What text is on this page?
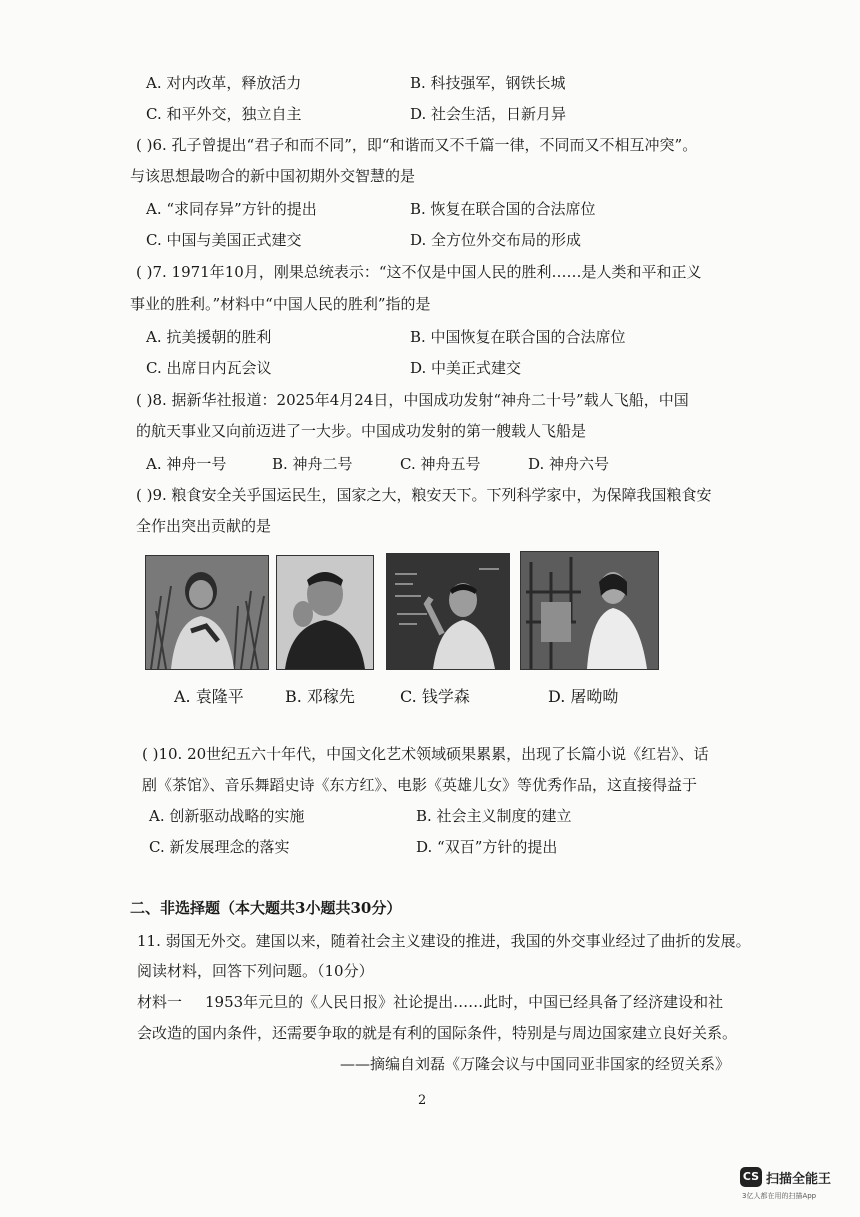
A. 对内改革，释放活力	B. 科技强军，钢铁长城
C. 和平外交，独立自主	D. 社会生活，日新月异
( )6. 孔子曾提出“君子和而不同”，即“和谐而又不千篇一律，不同而又不相互冲突”。
与该思想最吻合的新中国初期外交智慧的是
A. “求同存异”方针的提出	B. 恢复在联合国的合法席位
C. 中国与美国正式建交	D. 全方位外交布局的形成
( )7. 1971年10月，刚果总统表示：“这不仅是中国人民的胜利……是人类和平和正义
事业的胜利。”材料中“中国人民的胜利”指的是
A. 抗美援朝的胜利	B. 中国恢复在联合国的合法席位
C. 出席日内瓦会议	D. 中美正式建交
( )8. 据新华社报道：2025年4月24日，中国成功发射“神舟二十号”载人飞船，中国
的航天事业又向前迈进了一大步。中国成功发射的第一艘载人飞船是
A. 神舟一号	B. 神舟二号	C. 神舟五号	D. 神舟六号
( )9. 粮食安全关乎国运民生，国家之大，粮安天下。下列科学家中，为保障我国粮食安
全作出突出贡献的是
A. 袁隆平	B. 邓稼先	C. 钱学森	D. 屠呦呦
( )10. 20世纪五六十年代，中国文化艺术领域硕果累累，出现了长篇小说《红岩》、话
剧《茶馆》、音乐舞蹈史诗《东方红》、电影《英雄儿女》等优秀作品，这直接得益于
A. 创新驱动战略的实施	B. 社会主义制度的建立
C. 新发展理念的落实	D. “双百”方针的提出
二、非选择题（本大题共3小题共30分）
11. 弱国无外交。建国以来，随着社会主义建设的推进，我国的外交事业经过了曲折的发展。
阅读材料，回答下列问题。（10分）
材料一 1953年元旦的《人民日报》社论提出……此时，中国已经具备了经济建设和社
会改造的国内条件，还需要争取的就是有利的国际条件，特别是与周边国家建立良好关系。
——摘编自刘磊《万隆会议与中国同亚非国家的经贸关系》
2
CS 扫描全能王
3亿人都在用的扫描App
